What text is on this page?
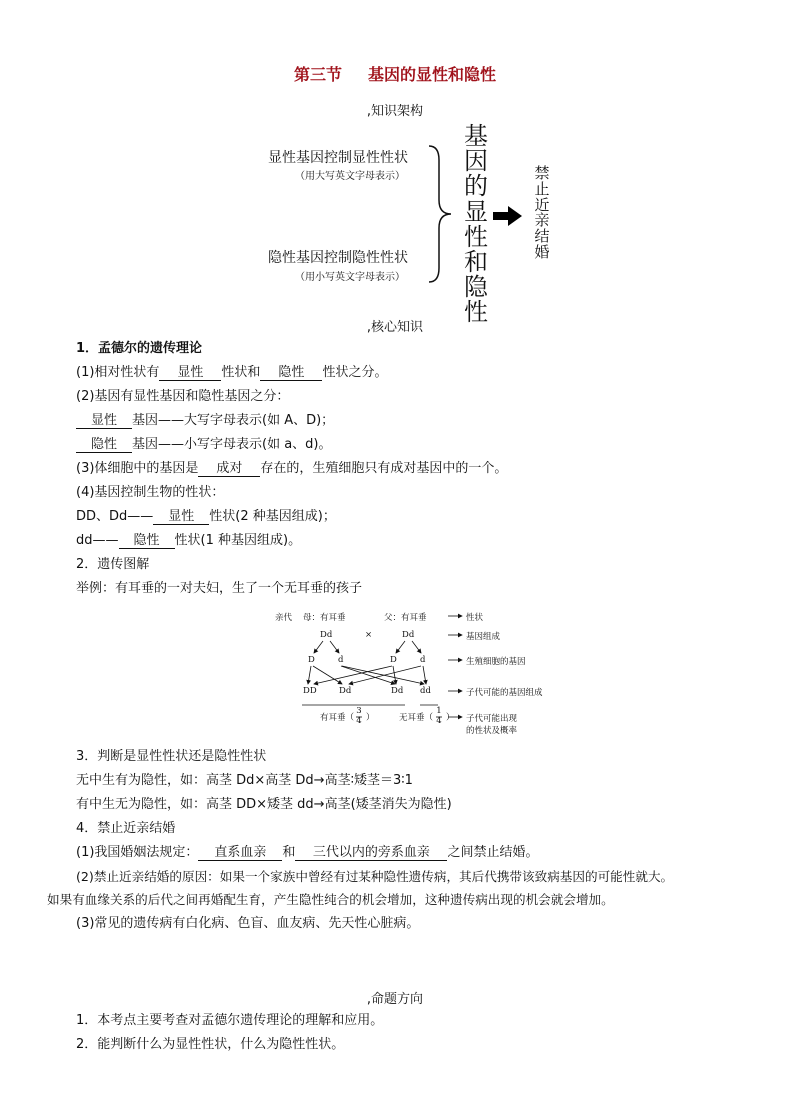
第三节 基因的显性和隐性
,知识架构
显性基因控制显性性状
（用大写英文字母表示）
隐性基因控制隐性性状
（用小写英文字母表示）
基
因
的
显
性
和
隐
性
禁
止
近
亲
结
婚
,核心知识
1．孟德尔的遗传理论
(1)相对性状有 显性 性状和 隐性 性状之分。
(2)基因有显性基因和隐性基因之分：
显性 基因——大写字母表示(如 A、D)；
隐性 基因——小写字母表示(如 a、d)。
(3)体细胞中的基因是 成对 存在的，生殖细胞只有成对基因中的一个。
(4)基因控制生物的性状：
DD、Dd—— 显性 性状(2 种基因组成)；
dd—— 隐性 性状(1 种基因组成)。
2．遗传图解
举例：有耳垂的一对夫妇，生了一个无耳垂的孩子
亲代 母：有耳垂	父：有耳垂
Dd	×	Dd
D	d	D	d
DD	Dd	Dd dd
有耳垂（
3
4 ）	无耳垂（
1
4 ）
性状
基因组成
生殖细胞的基因
子代可能的基因组成
子代可能出现
的性状及概率
3．判断是显性性状还是隐性性状
无中生有为隐性，如：高茎 Dd×高茎 Dd→高茎∶矮茎＝3∶1
有中生无为隐性，如：高茎 DD×矮茎 dd→高茎(矮茎消失为隐性)
4．禁止近亲结婚
(1)我国婚姻法规定： 直系血亲 和 三代以内的旁系血亲 之间禁止结婚。
(2)禁止近亲结婚的原因：如果一个家族中曾经有过某种隐性遗传病，其后代携带该致病基因的可能性就大。
如果有血缘关系的后代之间再婚配生育，产生隐性纯合的机会增加，这种遗传病出现的机会就会增加。
(3)常见的遗传病有白化病、色盲、血友病、先天性心脏病。
,命题方向
1．本考点主要考查对孟德尔遗传理论的理解和应用。
2．能判断什么为显性性状，什么为隐性性状。
